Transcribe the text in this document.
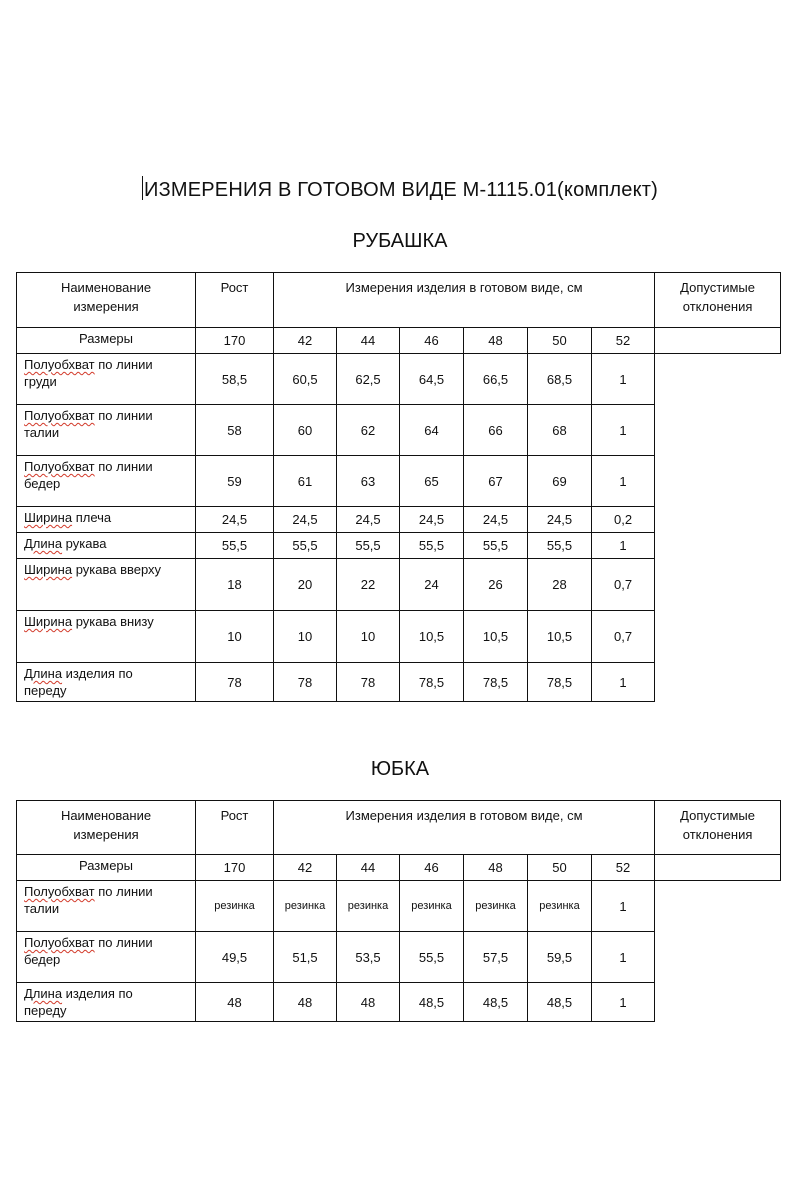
ИЗМЕРЕНИЯ В ГОТОВОМ ВИДЕ М-1115.01(комплект)
РУБАШКА
Наименование
измерения	Рост	Измерения изделия в готовом виде, см						Допустимые
отклонения
Размеры	170	42	44	46	48	50	52	
Полуобхват по линии
груди	58,5	60,5	62,5	64,5	66,5	68,5	1	
Полуобхват по линии
талии	58	60	62	64	66	68	1	
Полуобхват по линии
бедер	59	61	63	65	67	69	1	
Ширина плеча	24,5	24,5	24,5	24,5	24,5	24,5	0,2	
Длина рукава	55,5	55,5	55,5	55,5	55,5	55,5	1	
Ширина рукава вверху	18	20	22	24	26	28	0,7	
Ширина рукава внизу	10	10	10	10,5	10,5	10,5	0,7	
Длина изделия по
переду	78	78	78	78,5	78,5	78,5	1	
ЮБКА
Наименование
измерения	Рост	Измерения изделия в готовом виде, см						Допустимые
отклонения
Размеры	170	42	44	46	48	50	52	
Полуобхват по линии
талии	резинка	резинка	резинка	резинка	резинка	резинка	1	
Полуобхват по линии
бедер	49,5	51,5	53,5	55,5	57,5	59,5	1	
Длина изделия по
переду	48	48	48	48,5	48,5	48,5	1	
